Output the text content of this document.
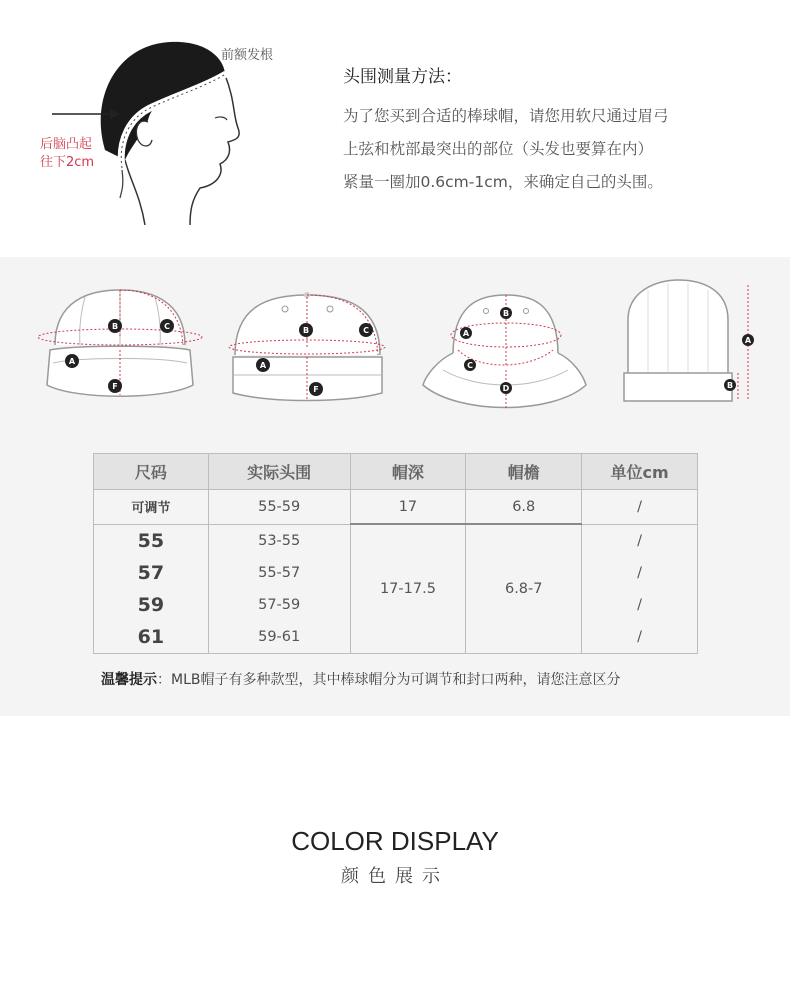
前额发根
后脑凸起
往下2cm
头围测量方法：
为了您买到合适的棒球帽，请您用软尺通过眉弓
上弦和枕部最突出的部位（头发也要算在内）
紧量一圈加0.6cm-1cm，来确定自己的头围。
A
B	C
F
A
B	C
F
A
B
C
D
A
B
尺码	实际头围	帽深	帽檐	单位cm
可调节	55-59	17	6.8	/
55	53-55	17-17.5	6.8-7	/
57	55-57			/
59	57-59			/
61	59-61			/
温馨提示：MLB帽子有多种款型，其中棒球帽分为可调节和封口两种，请您注意区分
COLOR DISPLAY
颜色展示
